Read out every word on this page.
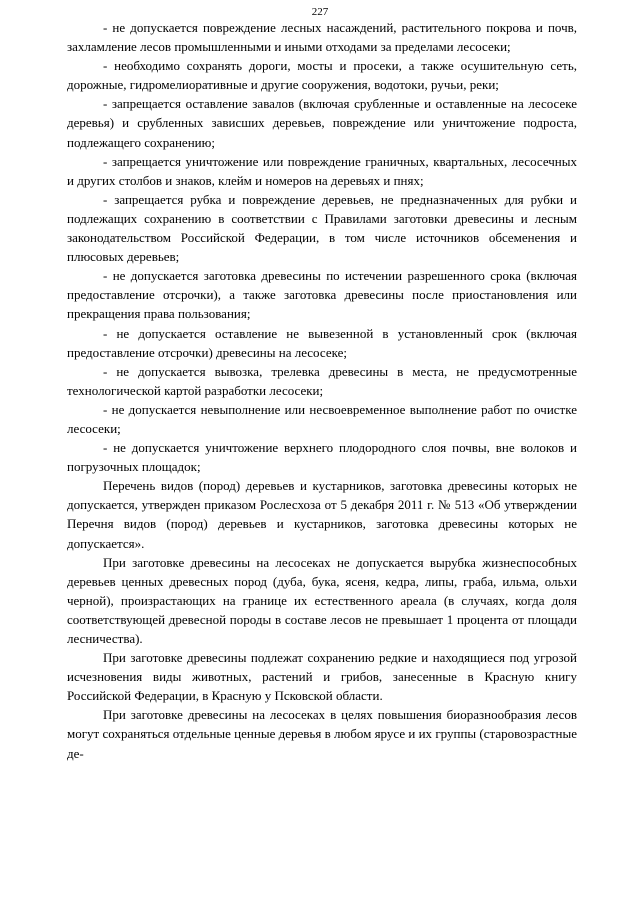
227

- не допускается повреждение лесных насаждений, растительного покрова и почв, захламление лесов промышленными и иными отходами за пределами лесосеки;

- необходимо сохранять дороги, мосты и просеки, а также осушительную сеть, дорожные, гидромелиоративные и другие сооружения, водотоки, ручьи, реки;

- запрещается оставление завалов (включая срубленные и оставленные на лесосеке деревья) и срубленных зависших деревьев, повреждение или уничтожение подроста, подлежащего сохранению;

- запрещается уничтожение или повреждение граничных, квартальных, лесосечных и других столбов и знаков, клейм и номеров на деревьях и пнях;

- запрещается рубка и повреждение деревьев, не предназначенных для рубки и подлежащих сохранению в соответствии с Правилами заготовки древесины и лесным законодательством Российской Федерации, в том числе источников обсеменения и плюсовых деревьев;

- не допускается заготовка древесины по истечении разрешенного срока (включая предоставление отсрочки), а также заготовка древесины после приостановления или прекращения права пользования;

- не допускается оставление не вывезенной в установленный срок (включая предоставление отсрочки) древесины на лесосеке;

- не допускается вывозка, трелевка древесины в места, не предусмотренные технологической картой разработки лесосеки;

- не допускается невыполнение или несвоевременное выполнение работ по очистке лесосеки;

- не допускается уничтожение верхнего плодородного слоя почвы, вне волоков и погрузочных площадок;

Перечень видов (пород) деревьев и кустарников, заготовка древесины которых не допускается, утвержден приказом Рослесхоза от 5 декабря 2011 г. № 513 «Об утверждении Перечня видов (пород) деревьев и кустарников, заготовка древесины которых не допускается».

При заготовке древесины на лесосеках не допускается вырубка жизнеспособных деревьев ценных древесных пород (дуба, бука, ясеня, кедра, липы, граба, ильма, ольхи черной), произрастающих на границе их естественного ареала (в случаях, когда доля соответствующей древесной породы в составе лесов не превышает 1 процента от площади лесничества).

При заготовке древесины подлежат сохранению редкие и находящиеся под угрозой исчезновения виды животных, растений и грибов, занесенные в Красную книгу Российской Федерации, в Красную у Псковской области.

При заготовке древесины на лесосеках в целях повышения биоразнообразия лесов могут сохраняться отдельные ценные деревья в любом ярусе и их группы (старовозрастные де-
